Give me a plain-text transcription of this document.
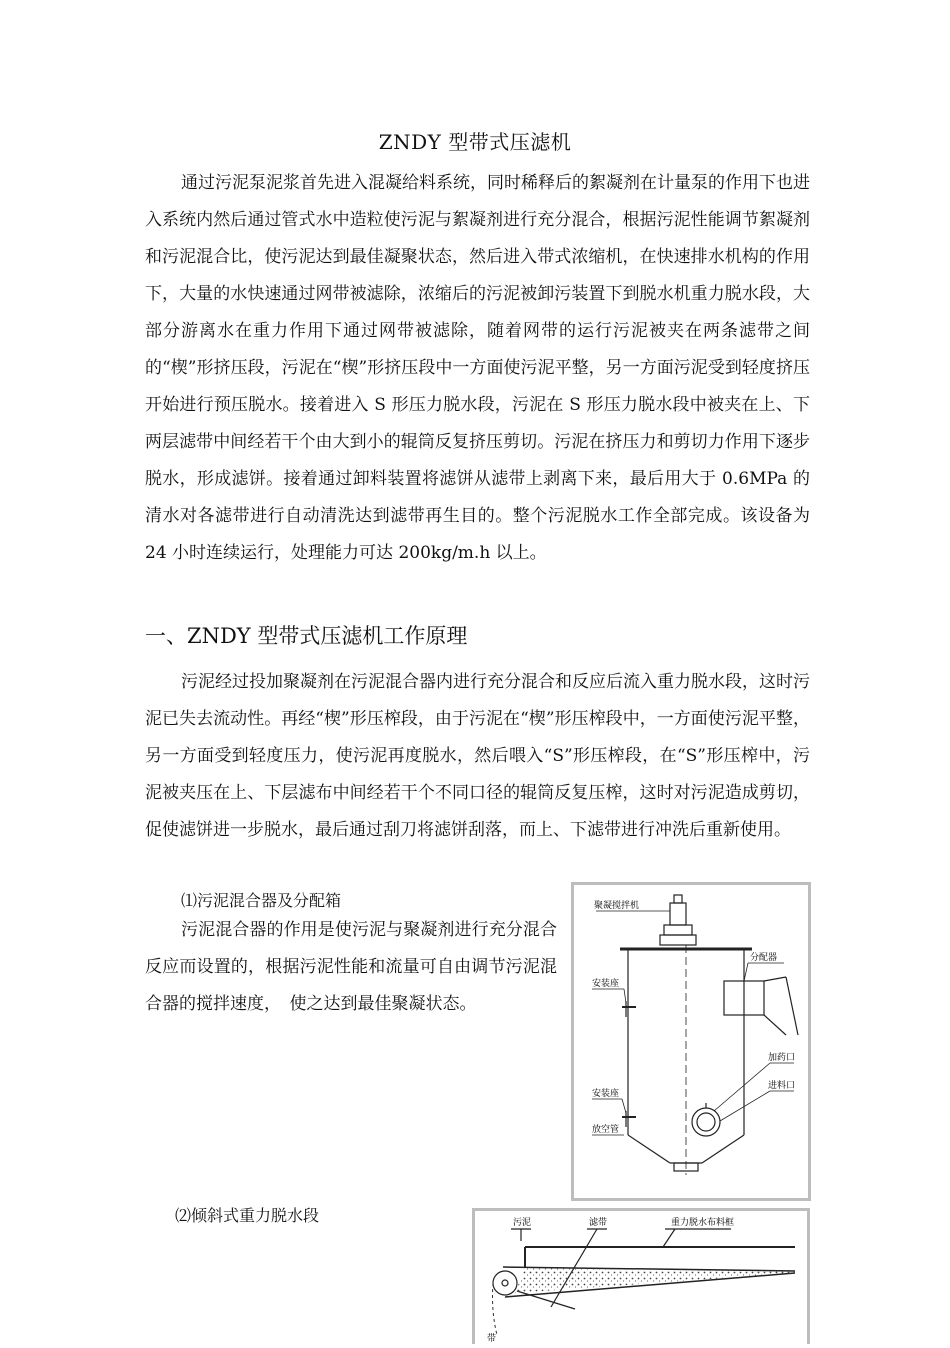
ZNDY 型带式压滤机

通过污泥泵泥浆首先进入混凝给料系统，同时稀释后的絮凝剂在计量泵的作用下也进入系统内然后通过管式水中造粒使污泥与絮凝剂进行充分混合，根据污泥性能调节絮凝剂和污泥混合比，使污泥达到最佳凝聚状态，然后进入带式浓缩机，在快速排水机构的作用下，大量的水快速通过网带被滤除，浓缩后的污泥被卸污装置下到脱水机重力脱水段，大部分游离水在重力作用下通过网带被滤除，随着网带的运行污泥被夹在两条滤带之间的“楔”形挤压段，污泥在“楔”形挤压段中一方面使污泥平整，另一方面污泥受到轻度挤压开始进行预压脱水。接着进入 S 形压力脱水段，污泥在 S 形压力脱水段中被夹在上、下两层滤带中间经若干个由大到小的辊筒反复挤压剪切。污泥在挤压力和剪切力作用下逐步脱水，形成滤饼。接着通过卸料装置将滤饼从滤带上剥离下来，最后用大于 0.6MPa 的清水对各滤带进行自动清洗达到滤带再生目的。整个污泥脱水工作全部完成。该设备为 24 小时连续运行，处理能力可达 200kg/m.h 以上。

一、ZNDY 型带式压滤机工作原理

污泥经过投加聚凝剂在污泥混合器内进行充分混合和反应后流入重力脱水段，这时污泥已失去流动性。再经“楔”形压榨段，由于污泥在“楔”形压榨段中，一方面使污泥平整，另一方面受到轻度压力，使污泥再度脱水，然后喂入“S”形压榨段，在“S”形压榨中，污泥被夹压在上、下层滤布中间经若干个不同口径的辊筒反复压榨，这时对污泥造成剪切，促使滤饼进一步脱水，最后通过刮刀将滤饼刮落，而上、下滤带进行冲洗后重新使用。

⑴污泥混合器及分配箱

污泥混合器的作用是使污泥与聚凝剂进行充分混合反应而设置的，根据污泥性能和流量可自由调节污泥混合器的搅拌速度，　使之达到最佳聚凝状态。

⑵倾斜式重力脱水段
聚凝搅拌机
分配器
安装座
加药口
进料口
安装座
放空管
污泥	滤带	重力脱水布料框
带
